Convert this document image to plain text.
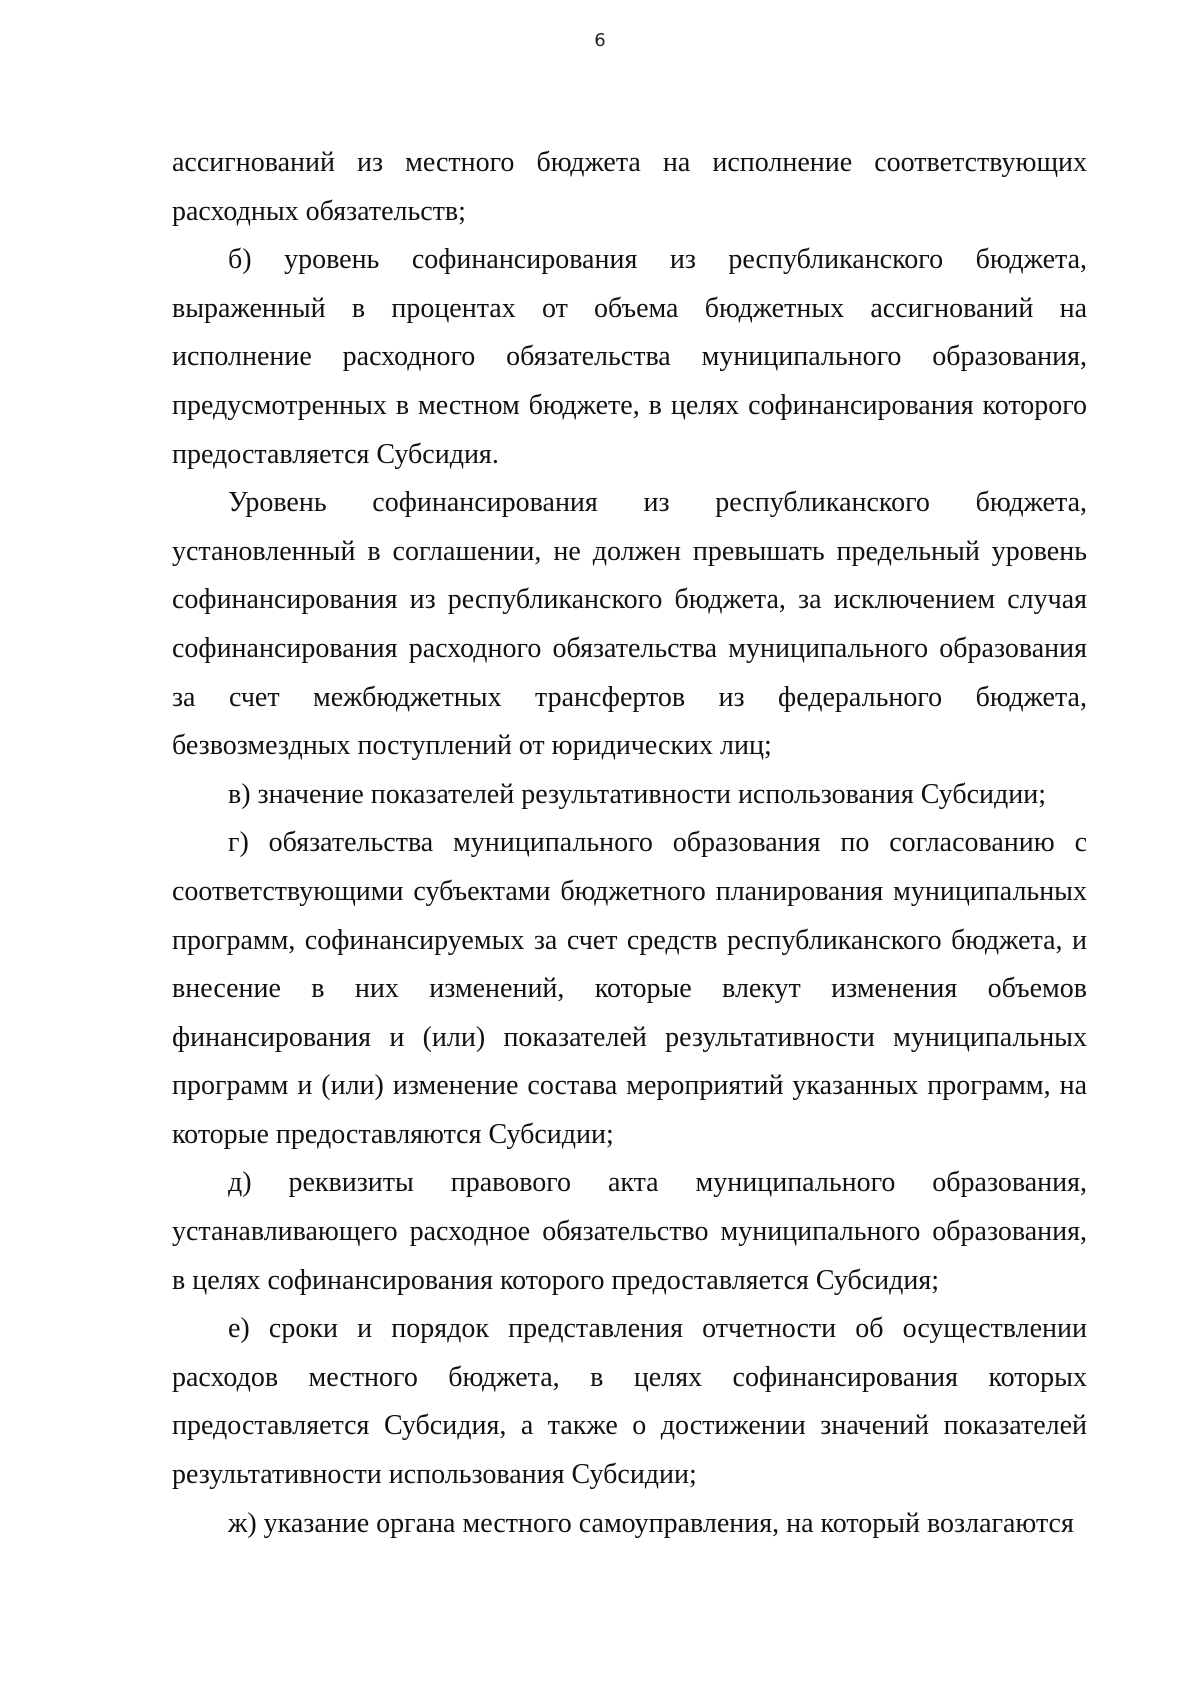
6

ассигнований из местного бюджета на исполнение соответствующих расходных обязательств;

б) уровень софинансирования из республиканского бюджета, выраженный в процентах от объема бюджетных ассигнований на исполнение расходного обязательства муниципального образования, предусмотренных в местном бюджете, в целях софинансирования которого предоставляется Субсидия.

Уровень софинансирования из республиканского бюджета, установленный в соглашении, не должен превышать предельный уровень софинансирования из республиканского бюджета, за исключением случая софинансирования расходного обязательства муниципального образования за счет межбюджетных трансфертов из федерального бюджета, безвозмездных поступлений от юридических лиц;

в) значение показателей результативности использования Субсидии;

г) обязательства муниципального образования по согласованию с соответствующими субъектами бюджетного планирования муниципальных программ, софинансируемых за счет средств республиканского бюджета, и внесение в них изменений, которые влекут изменения объемов финансирования и (или) показателей результативности муниципальных программ и (или) изменение состава мероприятий указанных программ, на которые предоставляются Субсидии;

д) реквизиты правового акта муниципального образования, устанавливающего расходное обязательство муниципального образования, в целях софинансирования которого предоставляется Субсидия;

е) сроки и порядок представления отчетности об осуществлении расходов местного бюджета, в целях софинансирования которых предоставляется Субсидия, а также о достижении значений показателей результативности использования Субсидии;

ж) указание органа местного самоуправления, на который возлагаются
